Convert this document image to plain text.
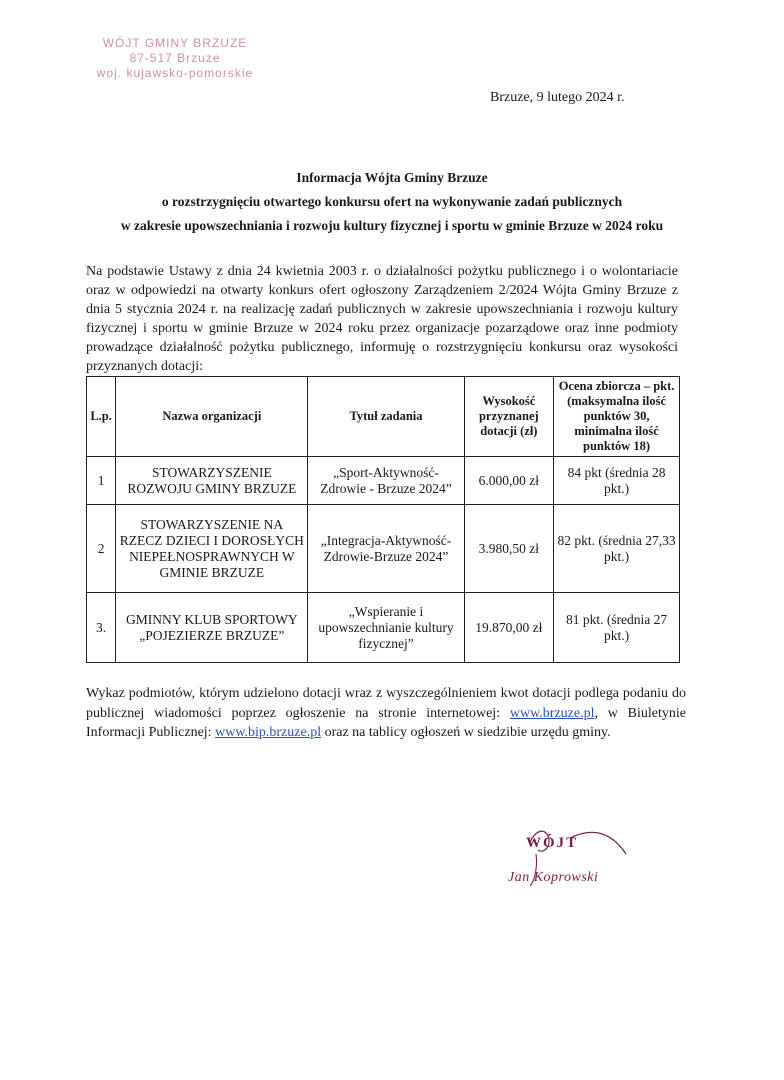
WÓJT GMINY BRZUZE
87-517 Brzuze
woj. kujawsko-pomorskie
Brzuze, 9 lutego 2024 r.
Informacja Wójta Gminy Brzuze
o rozstrzygnięciu otwartego konkursu ofert na wykonywanie zadań publicznych
w zakresie upowszechniania i rozwoju kultury fizycznej i sportu w gminie Brzuze w 2024 roku
Na podstawie Ustawy z dnia 24 kwietnia 2003 r. o działalności pożytku publicznego i o wolontariacie oraz w odpowiedzi na otwarty konkurs ofert ogłoszony Zarządzeniem 2/2024 Wójta Gminy Brzuze z dnia 5 stycznia 2024 r. na realizację zadań publicznych w zakresie upowszechniania i rozwoju kultury fizycznej i sportu w gminie Brzuze w 2024 roku przez organizacje pozarządowe oraz inne podmioty prowadzące działalność pożytku publicznego, informuję o rozstrzygnięciu konkursu oraz wysokości przyznanych dotacji:
L.p.	Nazwa organizacji	Tytuł zadania	Wysokość przyznanej dotacji (zł)	Ocena zbiorcza – pkt. (maksymalna ilość punktów 30, minimalna ilość punktów 18)
1	STOWARZYSZENIE ROZWOJU GMINY BRZUZE	„Sport-Aktywność-Zdrowie - Brzuze 2024”	6.000,00 zł	84 pkt (średnia 28 pkt.)
2	STOWARZYSZENIE NA RZECZ DZIECI I DOROSŁYCH NIEPEŁNOSPRAWNYCH W GMINIE BRZUZE	„Integracja-Aktywność-Zdrowie-Brzuze 2024”	3.980,50 zł	82 pkt. (średnia 27,33 pkt.)
3.	GMINNY KLUB SPORTOWY „POJEZIERZE BRZUZE”	„Wspieranie i upowszechnianie kultury fizycznej”	19.870,00 zł	81 pkt. (średnia 27 pkt.)
Wykaz podmiotów, którym udzielono dotacji wraz z wyszczególnieniem kwot dotacji podlega podaniu do publicznej wiadomości poprzez ogłoszenie na stronie internetowej: www.brzuze.pl, w Biuletynie Informacji Publicznej: www.bip.brzuze.pl oraz na tablicy ogłoszeń w siedzibie urzędu gminy.
WÓJT
Jan Koprowski
